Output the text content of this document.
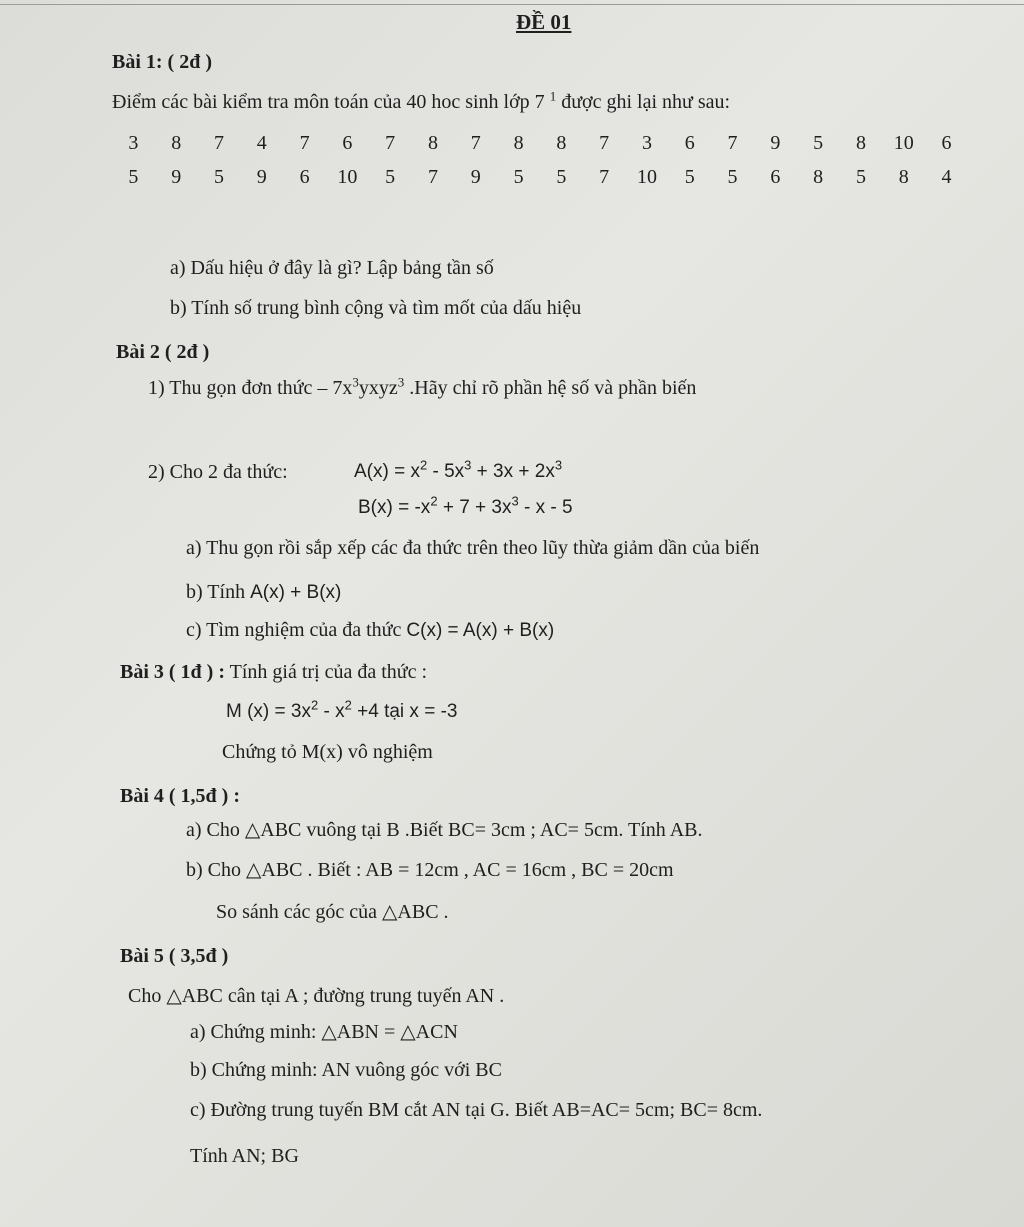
ĐỀ 01
Bài 1: ( 2đ )
Điểm các bài kiểm tra môn toán của 40 hoc sinh lớp 7 $^1$ được ghi lại như sau:
3	8	7	4	7	6	7	8	7	8	8	7	3	6	7	9	5	8	10	6
5	9	5	9	6	10	5	7	9	5	5	7	10	5	5	6	8	5	8	4
a) Dấu hiệu ở đây là gì? Lập bảng tần số
b) Tính số trung bình cộng và tìm mốt của dấu hiệu
Bài 2 ( 2đ )
1) Thu gọn đơn thức – $7x^3yxyz^3$ .Hãy chỉ rõ phần hệ số và phần biến
2) Cho 2 đa thức:	$A(x) = x^2 - 5x^3 + 3x + 2x^3$
$B(x) = -x^2 + 7 + 3x^3 - x - 5$
a) Thu gọn rồi sắp xếp các đa thức trên theo lũy thừa giảm dần của biến
b) Tính A(x) + B(x)
c) Tìm nghiệm của đa thức C(x) = A(x) + B(x)
Bài 3 ( 1đ ) : Tính giá trị của đa thức :
M $(x) = 3x^2 - x^2 +4$ tại x = -3
Chứng tỏ M(x) vô nghiệm
Bài 4 ( 1,5đ ) :
a) Cho △ABC vuông tại B .Biết BC= 3cm ; AC= 5cm. Tính AB.
b) Cho △ABC . Biết : AB = 12cm , AC = 16cm , BC = 20cm
So sánh các góc của △ABC .
Bài 5 ( 3,5đ )
Cho △ABC cân tại A ; đường trung tuyến AN .
a) Chứng minh: △ABN = △ACN
b) Chứng minh: AN vuông góc với BC
c) Đường trung tuyến BM cắt AN tại G. Biết AB=AC= 5cm; BC= 8cm.
Tính AN; BG
